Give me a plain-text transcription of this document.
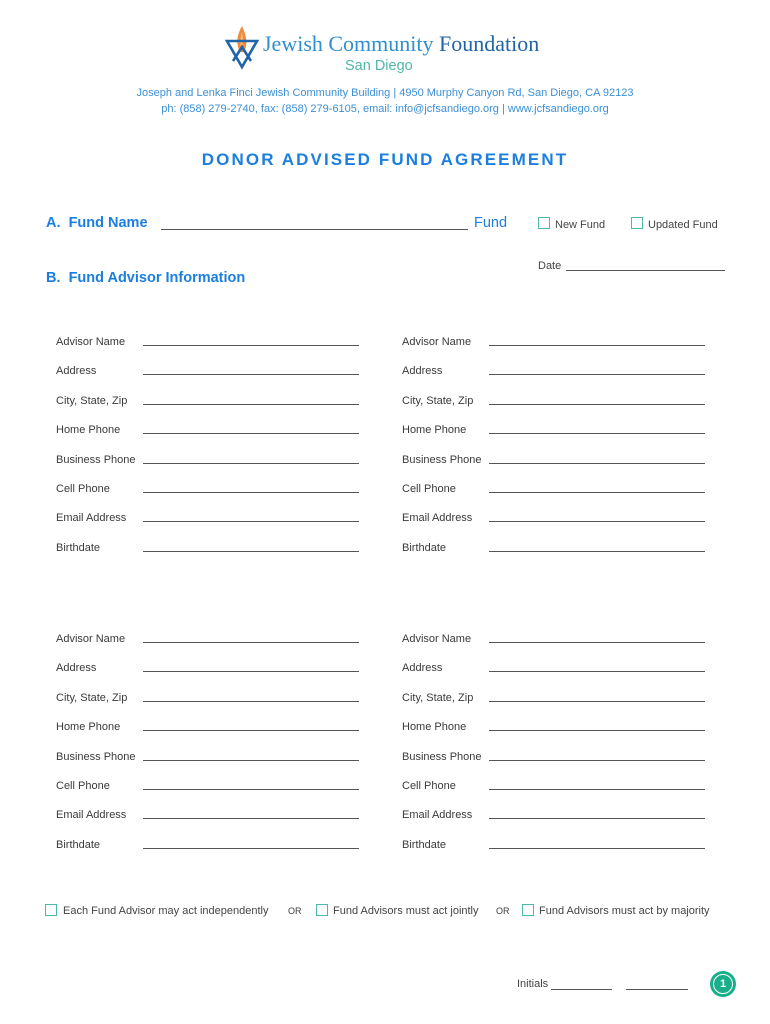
Jewish Community Foundation
San Diego
Joseph and Lenka Finci Jewish Community Building | 4950 Murphy Canyon Rd, San Diego, CA 92123
ph: (858) 279-2740, fax: (858) 279-6105, email: info@jcfsandiego.org | www.jcfsandiego.org
DONOR ADVISED FUND AGREEMENT
A. Fund Name	Fund	New Fund	Updated Fund
Date
B. Fund Advisor Information
Advisor Name
Address
City, State, Zip
Home Phone
Business Phone
Cell Phone
Email Address
Birthdate
Advisor Name
Address
City, State, Zip
Home Phone
Business Phone
Cell Phone
Email Address
Birthdate
Advisor Name
Address
City, State, Zip
Home Phone
Business Phone
Cell Phone
Email Address
Birthdate
Advisor Name
Address
City, State, Zip
Home Phone
Business Phone
Cell Phone
Email Address
Birthdate
Each Fund Advisor may act independently OR	Fund Advisors must act jointly OR	Fund Advisors must act by majority
Initials	1
